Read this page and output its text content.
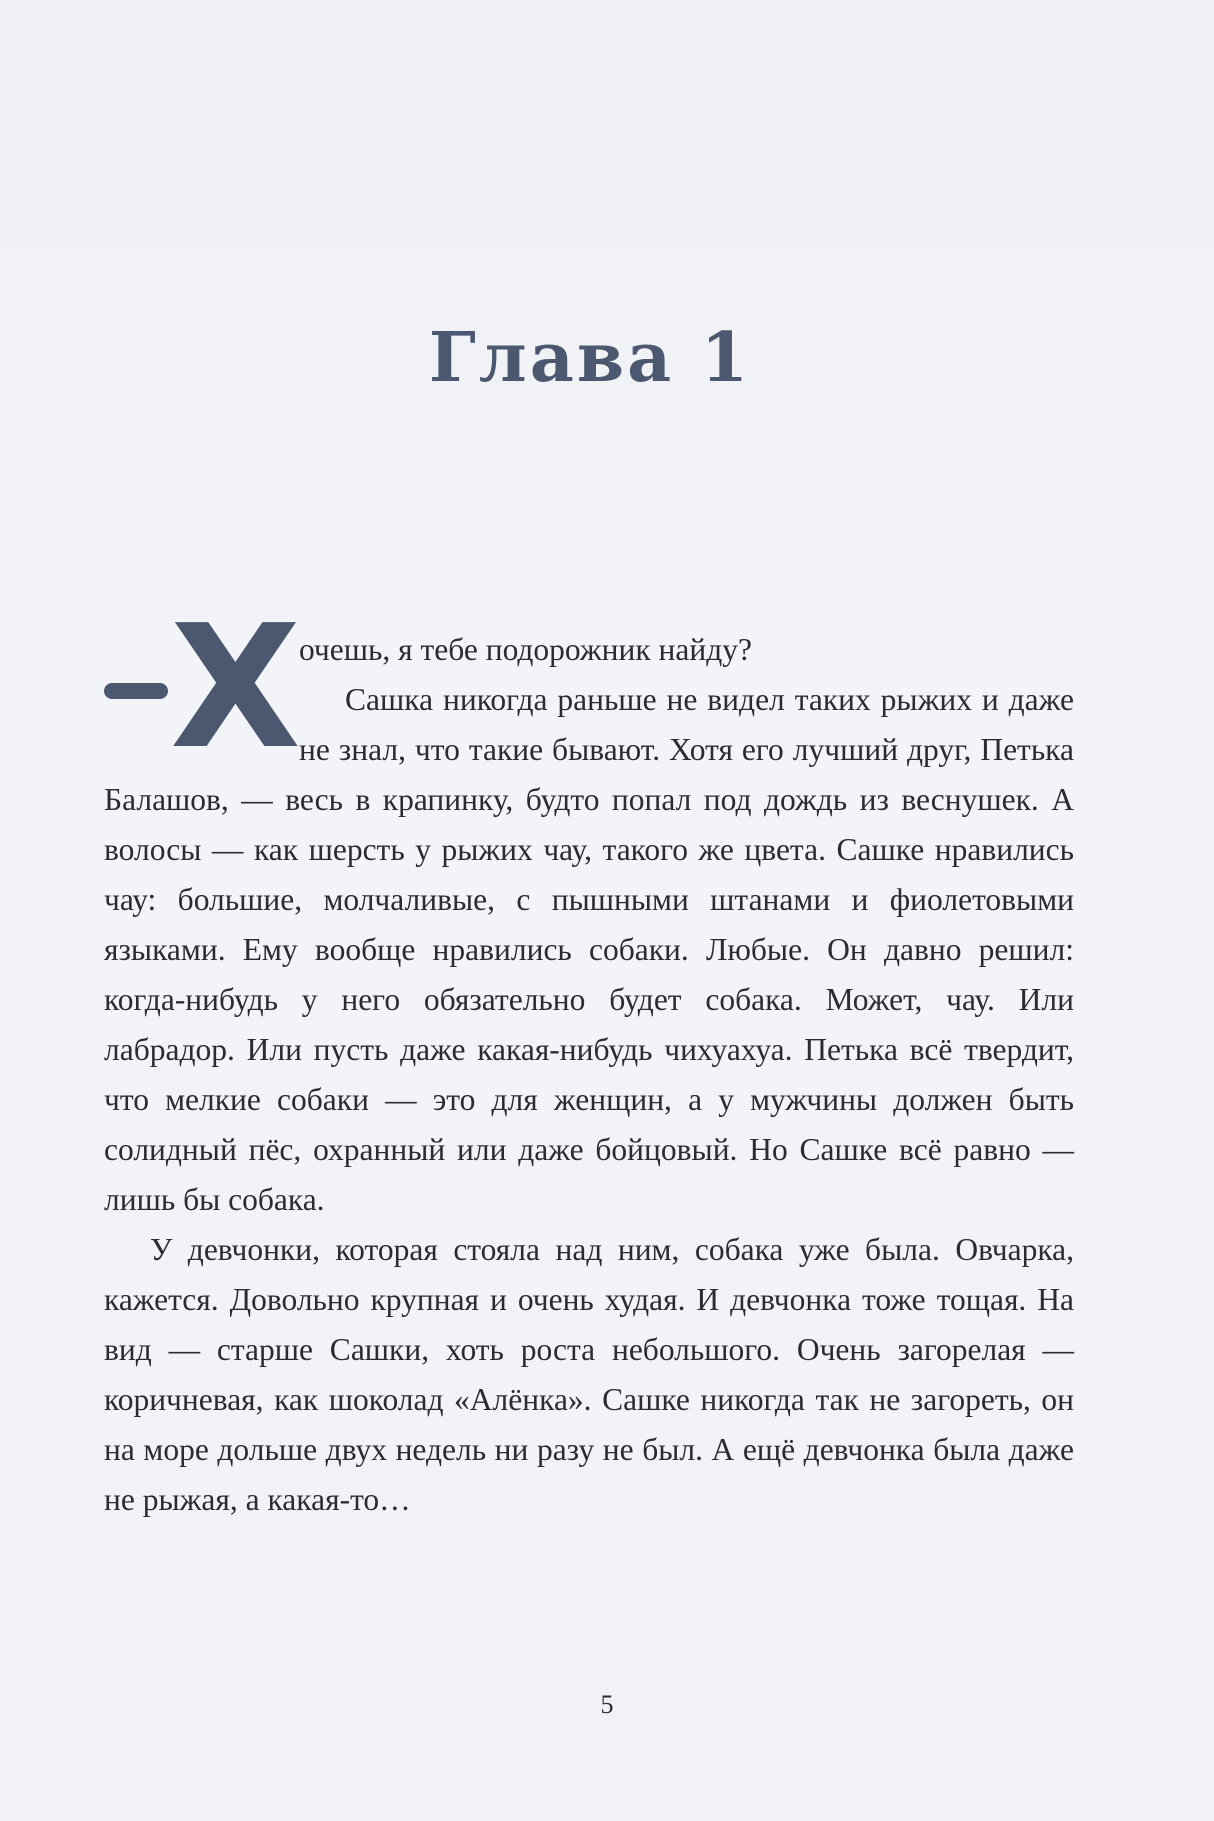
Глава 1
Х

очешь, я тебе подорожник найду?

Сашка никогда раньше не видел таких рыжих и даже не знал, что такие бывают. Хотя его лучший друг, Петька Балашов, — весь в крапинку, будто попал под дождь из веснушек. А волосы — как шерсть у рыжих чау, такого же цвета. Сашке нравились чау: большие, молчаливые, с пышными штанами и фиолетовыми языками. Ему вообще нравились собаки. Любые. Он давно решил: когда-нибудь у него обязательно будет собака. Может, чау. Или лабрадор. Или пусть даже какая-нибудь чихуахуа. Петька всё твердит, что мелкие собаки — это для женщин, а у мужчины должен быть солидный пёс, охранный или даже бойцовый. Но Сашке всё равно — лишь бы собака.

У девчонки, которая стояла над ним, собака уже была. Овчарка, кажется. Довольно крупная и очень худая. И девчонка тоже тощая. На вид — старше Сашки, хоть роста небольшого. Очень загорелая — коричневая, как шоколад «Алёнка». Сашке никогда так не загореть, он на море дольше двух недель ни разу не был. А ещё девчонка была даже не рыжая, а какая-то…

5
